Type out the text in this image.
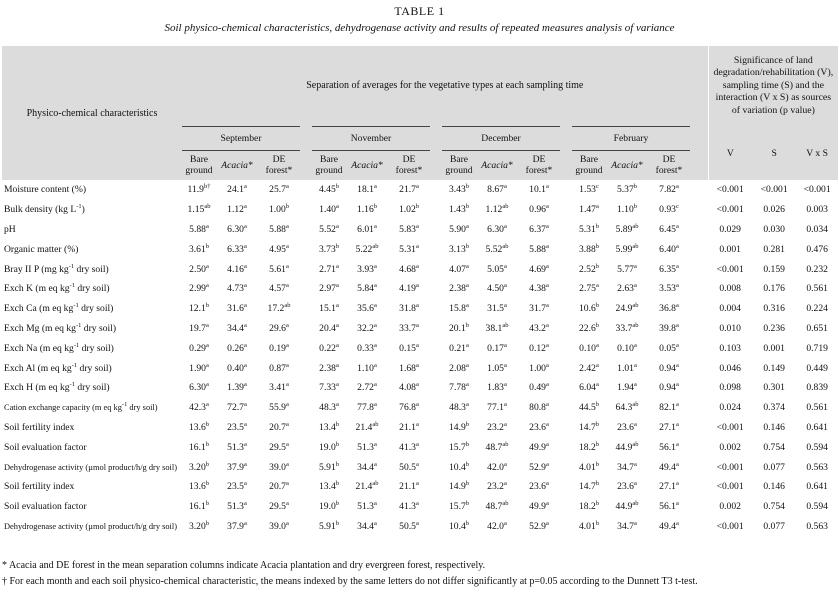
TABLE 1
Soil physico-chemical characteristics, dehydrogenase activity and results of repeated measures analysis of variance
Physico-chemical characteristics	Separation of averages for the vegetative types at each sampling time																Significance of land degradation/rehabilitation (V), sampling time (S) and the interaction (V x S) as sources of variation (p value)		
	September				November				December				February				V	S	V x S
	Bare ground	Acacia*	DE forest*		Bare ground	Acacia*	DE forest*		Bare ground	Acacia*	DE forest*		Bare ground	Acacia*	DE forest*				
Moisture content (%)	$11.9^{b\dagger}$	24.1$^a$	25.7$^a$		4.45$^b$	18.1$^a$	21.7$^a$		3.43$^b$	8.67$^a$	10.1$^a$		1.53$^c$	5.37$^b$	7.82$^a$		<0.001	<0.001	<0.001
Bulk density (kg $L^{-1}$)	1.15$^{ab}$	1.12$^a$	1.00$^b$		1.40$^a$	1.16$^b$	1.02$^b$		1.43$^b$	1.12$^{ab}$	0.96$^a$		1.47$^a$	1.10$^b$	0.93$^c$		<0.001	0.026	0.003
pH	5.88$^a$	6.30$^a$	5.88$^a$		5.52$^a$	6.01$^a$	5.83$^a$		5.90$^a$	6.30$^a$	6.37$^a$		5.31$^b$	5.89$^{ab}$	6.45$^a$		0.029	0.030	0.034
Organic matter (%)	3.61$^b$	6.33$^a$	4.95$^a$		3.73$^b$	5.22$^{ab}$	5.31$^a$		3.13$^b$	5.52$^{ab}$	5.88$^a$		3.88$^b$	5.99$^{ab}$	6.40$^a$		0.001	0.281	0.476
Bray II P (mg $kg^{-1}$ dry soil)	2.50$^a$	4.16$^a$	5.61$^a$		2.71$^a$	3.93$^a$	4.68$^a$		4.07$^a$	5.05$^a$	4.69$^a$		2.52$^b$	5.77$^a$	6.35$^a$		<0.001	0.159	0.232
Exch K (m eq $kg^{-1}$ dry soil)	2.99$^a$	4.73$^a$	4.57$^a$		2.97$^a$	5.84$^a$	4.19$^a$		2.38$^a$	4.50$^a$	4.38$^a$		2.75$^a$	2.63$^a$	3.53$^a$		0.008	0.176	0.561
Exch Ca (m eq $kg^{-1}$ dry soil)	12.1$^b$	31.6$^a$	17.2$^{ab}$		15.1$^a$	35.6$^a$	31.8$^a$		15.8$^a$	31.5$^a$	31.7$^a$		10.6$^b$	24.9$^{ab}$	36.8$^a$		0.004	0.316	0.224
Exch Mg (m eq $kg^{-1}$ dry soil)	19.7$^a$	34.4$^a$	29.6$^a$		20.4$^a$	32.2$^a$	33.7$^a$		20.1$^b$	38.1$^{ab}$	43.2$^a$		22.6$^b$	33.7$^{ab}$	39.8$^a$		0.010	0.236	0.651
Exch Na (m eq $kg^{-1}$ dry soil)	0.29$^a$	0.26$^a$	0.19$^a$		0.22$^a$	0.33$^a$	0.15$^a$		0.21$^a$	0.17$^a$	0.12$^a$		0.10$^a$	0.10$^a$	0.05$^a$		0.103	0.001	0.719
Exch Al (m eq $kg^{-1}$ dry soil)	1.90$^a$	0.40$^a$	0.87$^a$		2.38$^a$	1.10$^a$	1.68$^a$		2.08$^a$	1.05$^a$	1.00$^a$		2.42$^a$	1.01$^a$	0.94$^a$		0.046	0.149	0.449
Exch H (m eq $kg^{-1}$ dry soil)	6.30$^a$	1.39$^a$	3.41$^a$		7.33$^a$	2.72$^a$	4.08$^a$		7.78$^a$	1.83$^a$	0.49$^a$		6.04$^a$	1.94$^a$	0.94$^a$		0.098	0.301	0.839
Cation exchange capacity (m eq $kg^{-1}$ dry soil)	42.3$^a$	72.7$^a$	55.9$^a$		48.3$^a$	77.8$^a$	76.8$^a$		48.3$^a$	77.1$^a$	80.8$^a$		44.5$^b$	64.3$^{ab}$	82.1$^a$		0.024	0.374	0.561
Soil fertility index	13.6$^b$	23.5$^a$	20.7$^a$		13.4$^b$	21.4$^{ab}$	21.1$^a$		14.9$^b$	23.2$^a$	23.6$^a$		14.7$^b$	23.6$^a$	27.1$^a$		<0.001	0.146	0.641
Soil evaluation factor	16.1$^b$	51.3$^a$	29.5$^a$		19.0$^b$	51.3$^a$	41.3$^a$		15.7$^b$	48.7$^{ab}$	49.9$^a$		18.2$^b$	44.9$^{ab}$	56.1$^a$		0.002	0.754	0.594
Dehydrogenase activity (µmol product/h/g dry soil)	3.20$^b$	37.9$^a$	39.0$^a$		5.91$^b$	34.4$^a$	50.5$^a$		10.4$^b$	42.0$^a$	52.9$^a$		4.01$^b$	34.7$^a$	49.4$^a$		<0.001	0.077	0.563
Soil fertility index	13.6$^b$	23.5$^a$	20.7$^a$		13.4$^b$	21.4$^{ab}$	21.1$^a$		14.9$^b$	23.2$^a$	23.6$^a$		14.7$^b$	23.6$^a$	27.1$^a$		<0.001	0.146	0.641
Soil evaluation factor	16.1$^b$	51.3$^a$	29.5$^a$		19.0$^b$	51.3$^a$	41.3$^a$		15.7$^b$	48.7$^{ab}$	49.9$^a$		18.2$^b$	44.9$^{ab}$	56.1$^a$		0.002	0.754	0.594
Dehydrogenase activity (µmol product/h/g dry soil)	3.20$^b$	37.9$^a$	39.0$^a$		5.91$^b$	34.4$^a$	50.5$^a$		10.4$^b$	42.0$^a$	52.9$^a$		4.01$^b$	34.7$^a$	49.4$^a$		<0.001	0.077	0.563
* Acacia and DE forest in the mean separation columns indicate Acacia plantation and dry evergreen forest, respectively.
† For each month and each soil physico-chemical characteristic, the means indexed by the same letters do not differ significantly at p=0.05 according to the Dunnett T3 t-test.
